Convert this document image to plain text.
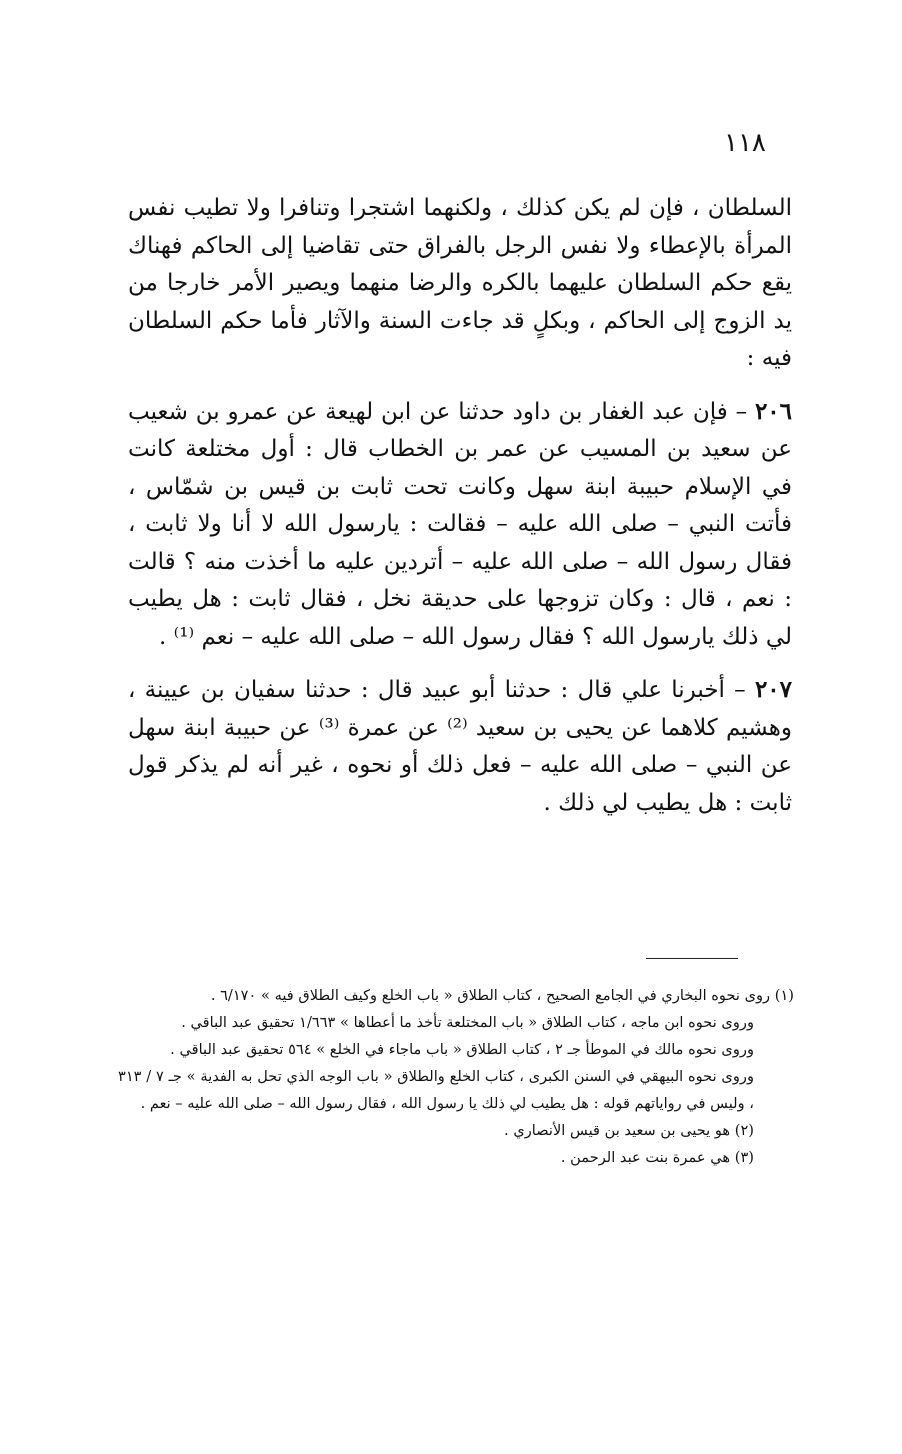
١١٨

السلطان ، فإن لم يكن كذلك ، ولكنهما اشتجرا وتنافرا ولا تطيب نفس المرأة بالإعطاء ولا نفس الرجل بالفراق حتى تقاضيا إلى الحاكم فهناك يقع حكم السلطان عليهما بالكره والرضا منهما ويصير الأمر خارجا من يد الزوج إلى الحاكم ، وبكلٍ قد جاءت السنة والآثار فأما حكم السلطان فيه :

٢٠٦ – فإن عبد الغفار بن داود حدثنا عن ابن لهيعة عن عمرو بن شعيب عن سعيد بن المسيب عن عمر بن الخطاب قال : أول مختلعة كانت في الإسلام حبيبة ابنة سهل وكانت تحت ثابت بن قيس بن شمّاس ، فأتت النبي – صلى الله عليه – فقالت : يارسول الله لا أنا ولا ثابت ، فقال رسول الله – صلى الله عليه – أتردين عليه ما أخذت منه ؟ قالت : نعم ، قال : وكان تزوجها على حديقة نخل ، فقال ثابت : هل يطيب لي ذلك يارسول الله ؟ فقال رسول الله – صلى الله عليه – نعم ⁽¹⁾ .

٢٠٧ – أخبرنا علي قال : حدثنا أبو عبيد قال : حدثنا سفيان بن عيينة ، وهشيم كلاهما عن يحيى بن سعيد ⁽²⁾ عن عمرة ⁽³⁾ عن حبيبة ابنة سهل عن النبي – صلى الله عليه – فعل ذلك أو نحوه ، غير أنه لم يذكر قول ثابت : هل يطيب لي ذلك .

(١) روى نحوه البخاري في الجامع الصحيح ، كتاب الطلاق « باب الخلع وكيف الطلاق فيه » ٦/١٧٠ .

وروى نحوه ابن ماجه ، كتاب الطلاق « باب المختلعة تأخذ ما أعطاها » ١/٦٦٣ تحقيق عبد الباقي .

وروى نحوه مالك في الموطأ جـ ٢ ، كتاب الطلاق « باب ماجاء في الخلع » ٥٦٤ تحقيق عبد الباقي .

وروى نحوه البيهقي في السنن الكبرى ، كتاب الخلع والطلاق « باب الوجه الذي تحل به الفدية » جـ ٧ / ٣١٣ ، وليس في رواياتهم قوله : هل يطيب لي ذلك يا رسول الله ، فقال رسول الله – صلى الله عليه – نعم .

(٢) هو يحيى بن سعيد بن قيس الأنصاري .

(٣) هي عمرة بنت عبد الرحمن .
